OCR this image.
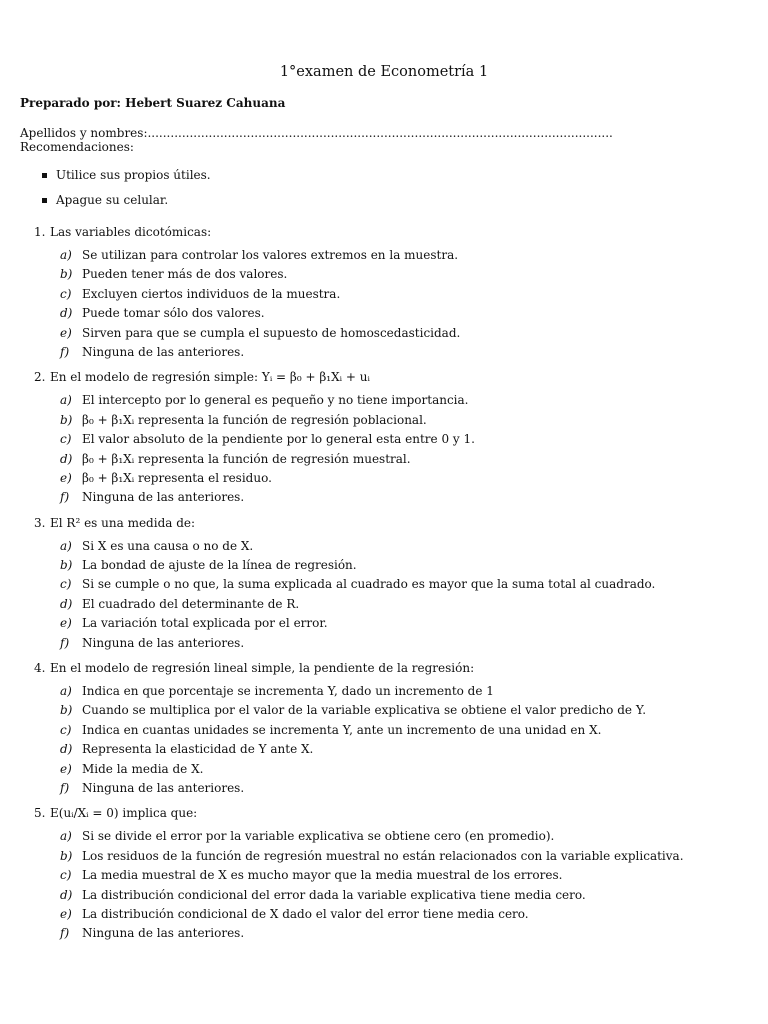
1°examen de Econometría 1
Preparado por: Hebert Suarez Cahuana
Apellidos y nombres:..........................................................................................................................
Recomendaciones:
Utilice sus propios útiles.
Apague su celular.
1. Las variables dicotómicas:
a) Se utilizan para controlar los valores extremos en la muestra.
b) Pueden tener más de dos valores.
c) Excluyen ciertos individuos de la muestra.
d) Puede tomar sólo dos valores.
e) Sirven para que se cumpla el supuesto de homoscedasticidad.
f) Ninguna de las anteriores.
2. En el modelo de regresión simple: Yᵢ = β₀ + β₁Xᵢ + uᵢ
a) El intercepto por lo general es pequeño y no tiene importancia.
b) β₀ + β₁Xᵢ representa la función de regresión poblacional.
c) El valor absoluto de la pendiente por lo general esta entre 0 y 1.
d) β₀ + β₁Xᵢ representa la función de regresión muestral.
e) β₀ + β₁Xᵢ representa el residuo.
f) Ninguna de las anteriores.
3. El R² es una medida de:
a) Si X es una causa o no de X.
b) La bondad de ajuste de la línea de regresión.
c) Si se cumple o no que, la suma explicada al cuadrado es mayor que la suma total al cuadrado.
d) El cuadrado del determinante de R.
e) La variación total explicada por el error.
f) Ninguna de las anteriores.
4. En el modelo de regresión lineal simple, la pendiente de la regresión:
a) Indica en que porcentaje se incrementa Y, dado un incremento de 1
b) Cuando se multiplica por el valor de la variable explicativa se obtiene el valor predicho de Y.
c) Indica en cuantas unidades se incrementa Y, ante un incremento de una unidad en X.
d) Representa la elasticidad de Y ante X.
e) Mide la media de X.
f) Ninguna de las anteriores.
5. E(uᵢ/Xᵢ = 0) implica que:
a) Si se divide el error por la variable explicativa se obtiene cero (en promedio).
b) Los residuos de la función de regresión muestral no están relacionados con la variable explicativa.
c) La media muestral de X es mucho mayor que la media muestral de los errores.
d) La distribución condicional del error dada la variable explicativa tiene media cero.
e) La distribución condicional de X dado el valor del error tiene media cero.
f) Ninguna de las anteriores.
